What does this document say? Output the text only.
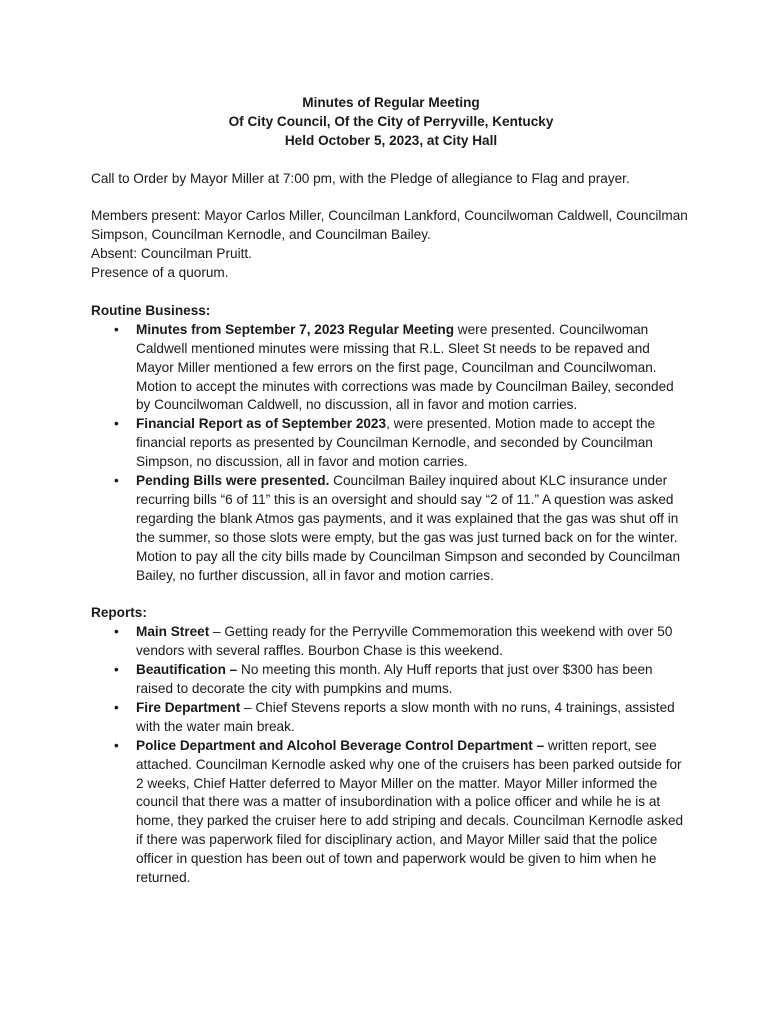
Minutes of Regular Meeting

Of City Council, Of the City of Perryville, Kentucky

Held October 5, 2023, at City Hall

Call to Order by Mayor Miller at 7:00 pm, with the Pledge of allegiance to Flag and prayer.

Members present: Mayor Carlos Miller, Councilman Lankford, Councilwoman Caldwell, Councilman Simpson, Councilman Kernodle, and Councilman Bailey.

Absent: Councilman Pruitt.

Presence of a quorum.

Routine Business:

• Minutes from September 7, 2023 Regular Meeting were presented. Councilwoman Caldwell mentioned minutes were missing that R.L. Sleet St needs to be repaved and Mayor Miller mentioned a few errors on the first page, Councilman and Councilwoman. Motion to accept the minutes with corrections was made by Councilman Bailey, seconded by Councilwoman Caldwell, no discussion, all in favor and motion carries.
• Financial Report as of September 2023, were presented. Motion made to accept the financial reports as presented by Councilman Kernodle, and seconded by Councilman Simpson, no discussion, all in favor and motion carries.
• Pending Bills were presented. Councilman Bailey inquired about KLC insurance under recurring bills “6 of 11” this is an oversight and should say “2 of 11.” A question was asked regarding the blank Atmos gas payments, and it was explained that the gas was shut off in the summer, so those slots were empty, but the gas was just turned back on for the winter. Motion to pay all the city bills made by Councilman Simpson and seconded by Councilman Bailey, no further discussion, all in favor and motion carries.

Reports:

• Main Street – Getting ready for the Perryville Commemoration this weekend with over 50 vendors with several raffles. Bourbon Chase is this weekend.
• Beautification – No meeting this month. Aly Huff reports that just over $300 has been raised to decorate the city with pumpkins and mums.
• Fire Department – Chief Stevens reports a slow month with no runs, 4 trainings, assisted with the water main break.
• Police Department and Alcohol Beverage Control Department – written report, see attached. Councilman Kernodle asked why one of the cruisers has been parked outside for 2 weeks, Chief Hatter deferred to Mayor Miller on the matter. Mayor Miller informed the council that there was a matter of insubordination with a police officer and while he is at home, they parked the cruiser here to add striping and decals. Councilman Kernodle asked if there was paperwork filed for disciplinary action, and Mayor Miller said that the police officer in question has been out of town and paperwork would be given to him when he returned.
